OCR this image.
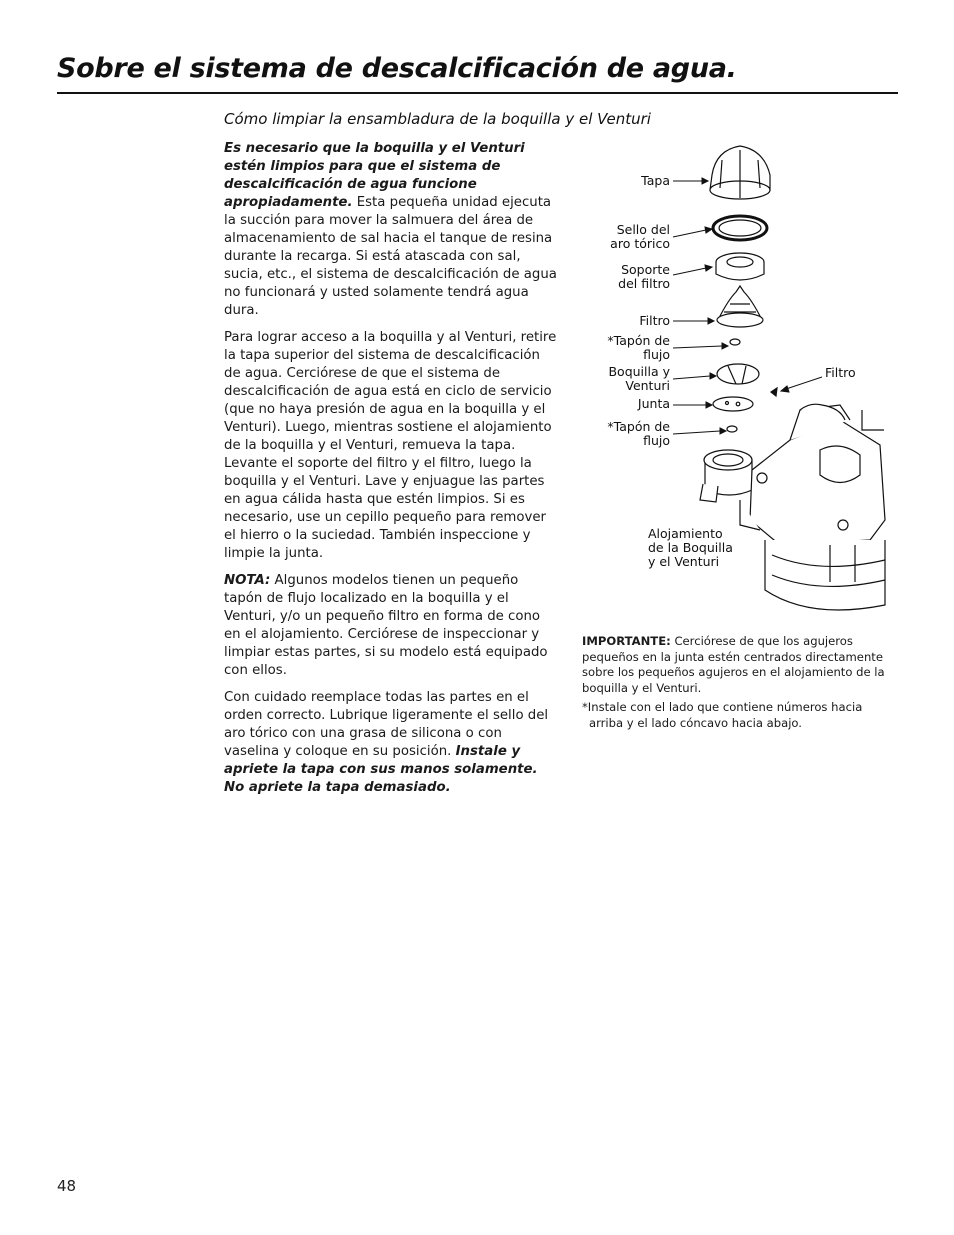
Sobre el sistema de descalcificación de agua.
Cómo limpiar la ensambladura de la boquilla y el Venturi

Es necesario que la boquilla y el Venturi estén limpios para que el sistema de descalcificación de agua funcione apropiadamente. Esta pequeña unidad ejecuta la succión para mover la salmuera del área de almacenamiento de sal hacia el tanque de resina durante la recarga. Si está atascada con sal, sucia, etc., el sistema de descalcificación de agua no funcionará y usted solamente tendrá agua dura.

Para lograr acceso a la boquilla y al Venturi, retire la tapa superior del sistema de descalcificación de agua. Cerciórese de que el sistema de descalcificación de agua está en ciclo de servicio (que no haya presión de agua en la boquilla y el Venturi). Luego, mientras sostiene el alojamiento de la boquilla y el Venturi, remueva la tapa. Levante el soporte del filtro y el filtro, luego la boquilla y el Venturi. Lave y enjuague las partes en agua cálida hasta que estén limpios. Si es necesario, use un cepillo pequeño para remover el hierro o la suciedad. También inspeccione y limpie la junta.

NOTA: Algunos modelos tienen un pequeño tapón de flujo localizado en la boquilla y el Venturi, y/o un pequeño filtro en forma de cono en el alojamiento. Cerciórese de inspeccionar y limpiar estas partes, si su modelo está equipado con ellos.

Con cuidado reemplace todas las partes en el orden correcto. Lubrique ligeramente el sello del aro tórico con una grasa de silicona o con vaselina y coloque en su posición. Instale y apriete la tapa con sus manos solamente. No apriete la tapa demasiado.

Tapa
Sello del
aro tórico
Soporte
del filtro
Filtro
*Tapón de
flujo
Boquilla y
Venturi
Junta
*Tapón de
flujo
Filtro
Alojamiento
de la Boquilla
y el Venturi

IMPORTANTE: Cerciórese de que los agujeros pequeños en la junta estén centrados directamente sobre los pequeños agujeros en el alojamiento de la boquilla y el Venturi.

*Instale con el lado que contiene números hacia arriba y el lado cóncavo hacia abajo.

48
